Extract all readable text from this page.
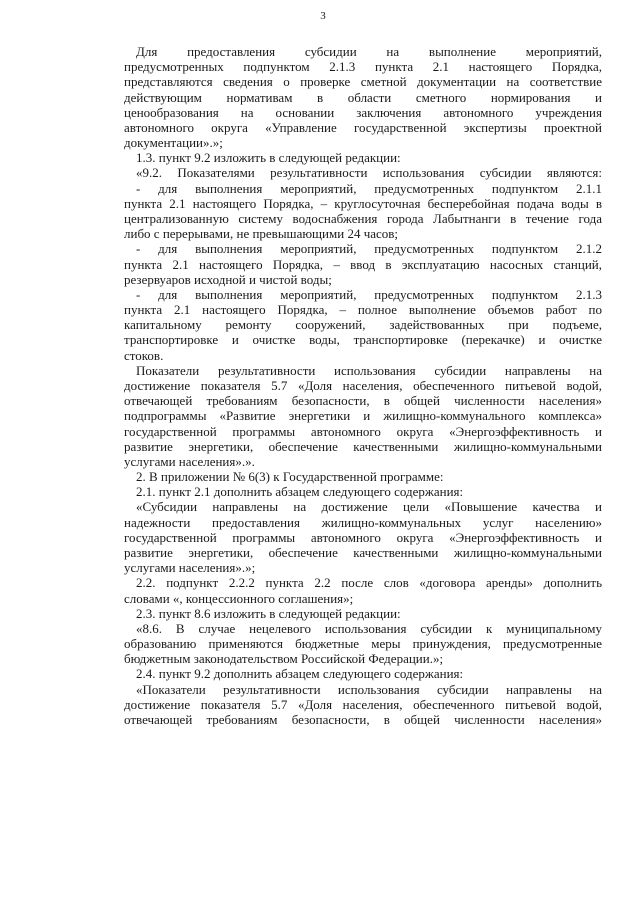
3
Для предоставления субсидии на выполнение мероприятий,
предусмотренных подпунктом 2.1.3 пункта 2.1 настоящего Порядка,
представляются сведения о проверке сметной документации на соответствие
действующим нормативам в области сметного нормирования и
ценообразования на основании заключения автономного учреждения
автономного округа «Управление государственной экспертизы проектной
документации».»;
1.3. пункт 9.2 изложить в следующей редакции:
«9.2. Показателями результативности использования субсидии являются:
- для выполнения мероприятий, предусмотренных подпунктом 2.1.1
пункта 2.1 настоящего Порядка, – круглосуточная бесперебойная подача воды в
централизованную систему водоснабжения города Лабытнанги в течение года
либо с перерывами, не превышающими 24 часов;
- для выполнения мероприятий, предусмотренных подпунктом 2.1.2
пункта 2.1 настоящего Порядка, – ввод в эксплуатацию насосных станций,
резервуаров исходной и чистой воды;
- для выполнения мероприятий, предусмотренных подпунктом 2.1.3
пункта 2.1 настоящего Порядка, – полное выполнение объемов работ по
капитальному ремонту сооружений, задействованных при подъеме,
транспортировке и очистке воды, транспортировке (перекачке) и очистке
стоков.
Показатели результативности использования субсидии направлены на
достижение показателя 5.7 «Доля населения, обеспеченного питьевой водой,
отвечающей требованиям безопасности, в общей численности населения»
подпрограммы «Развитие энергетики и жилищно-коммунального комплекса»
государственной программы автономного округа «Энергоэффективность и
развитие энергетики, обеспечение качественными жилищно-коммунальными
услугами населения».».
2. В приложении № 6(3) к Государственной программе:
2.1. пункт 2.1 дополнить абзацем следующего содержания:
«Субсидии направлены на достижение цели «Повышение качества и
надежности предоставления жилищно-коммунальных услуг населению»
государственной программы автономного округа «Энергоэффективность и
развитие энергетики, обеспечение качественными жилищно-коммунальными
услугами населения».»;
2.2. подпункт 2.2.2 пункта 2.2 после слов «договора аренды» дополнить
словами «, концессионного соглашения»;
2.3. пункт 8.6 изложить в следующей редакции:
«8.6. В случае нецелевого использования субсидии к муниципальному
образованию применяются бюджетные меры принуждения, предусмотренные
бюджетным законодательством Российской Федерации.»;
2.4. пункт 9.2 дополнить абзацем следующего содержания:
«Показатели результативности использования субсидии направлены на
достижение показателя 5.7 «Доля населения, обеспеченного питьевой водой,
отвечающей требованиям безопасности, в общей численности населения»
